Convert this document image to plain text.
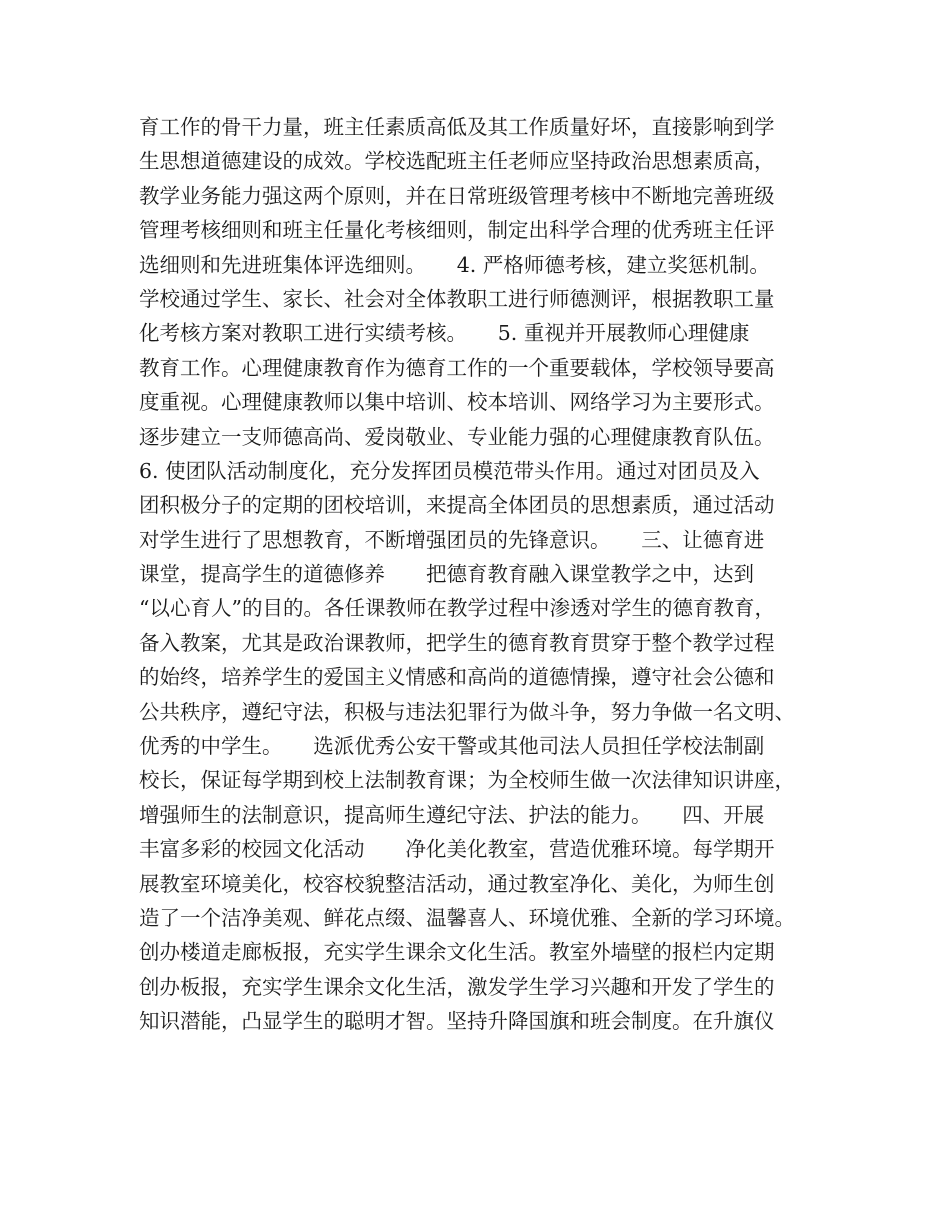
育工作的骨干力量，班主任素质高低及其工作质量好坏，直接影响到学
生思想道德建设的成效。学校选配班主任老师应坚持政治思想素质高，
教学业务能力强这两个原则，并在日常班级管理考核中不断地完善班级
管理考核细则和班主任量化考核细则，制定出科学合理的优秀班主任评
选细则和先进班集体评选细则。　　4. 严格师德考核，建立奖惩机制。
学校通过学生、家长、社会对全体教职工进行师德测评，根据教职工量
化考核方案对教职工进行实绩考核。　　5. 重视并开展教师心理健康
教育工作。心理健康教育作为德育工作的一个重要载体，学校领导要高
度重视。心理健康教师以集中培训、校本培训、网络学习为主要形式。
逐步建立一支师德高尚、爱岗敬业、专业能力强的心理健康教育队伍。
6. 使团队活动制度化，充分发挥团员模范带头作用。通过对团员及入
团积极分子的定期的团校培训，来提高全体团员的思想素质，通过活动
对学生进行了思想教育，不断增强团员的先锋意识。　　三、让德育进
课堂，提高学生的道德修养　　把德育教育融入课堂教学之中，达到
“以心育人”的目的。各任课教师在教学过程中渗透对学生的德育教育，
备入教案，尤其是政治课教师，把学生的德育教育贯穿于整个教学过程
的始终，培养学生的爱国主义情感和高尚的道德情操，遵守社会公德和
公共秩序，遵纪守法，积极与违法犯罪行为做斗争，努力争做一名文明、
优秀的中学生。　　选派优秀公安干警或其他司法人员担任学校法制副
校长，保证每学期到校上法制教育课；为全校师生做一次法律知识讲座，
增强师生的法制意识，提高师生遵纪守法、护法的能力。　　四、开展
丰富多彩的校园文化活动　　净化美化教室，营造优雅环境。每学期开
展教室环境美化，校容校貌整洁活动，通过教室净化、美化，为师生创
造了一个洁净美观、鲜花点缀、温馨喜人、环境优雅、全新的学习环境。
创办楼道走廊板报，充实学生课余文化生活。教室外墙壁的报栏内定期
创办板报，充实学生课余文化生活，激发学生学习兴趣和开发了学生的
知识潜能，凸显学生的聪明才智。坚持升降国旗和班会制度。在升旗仪
